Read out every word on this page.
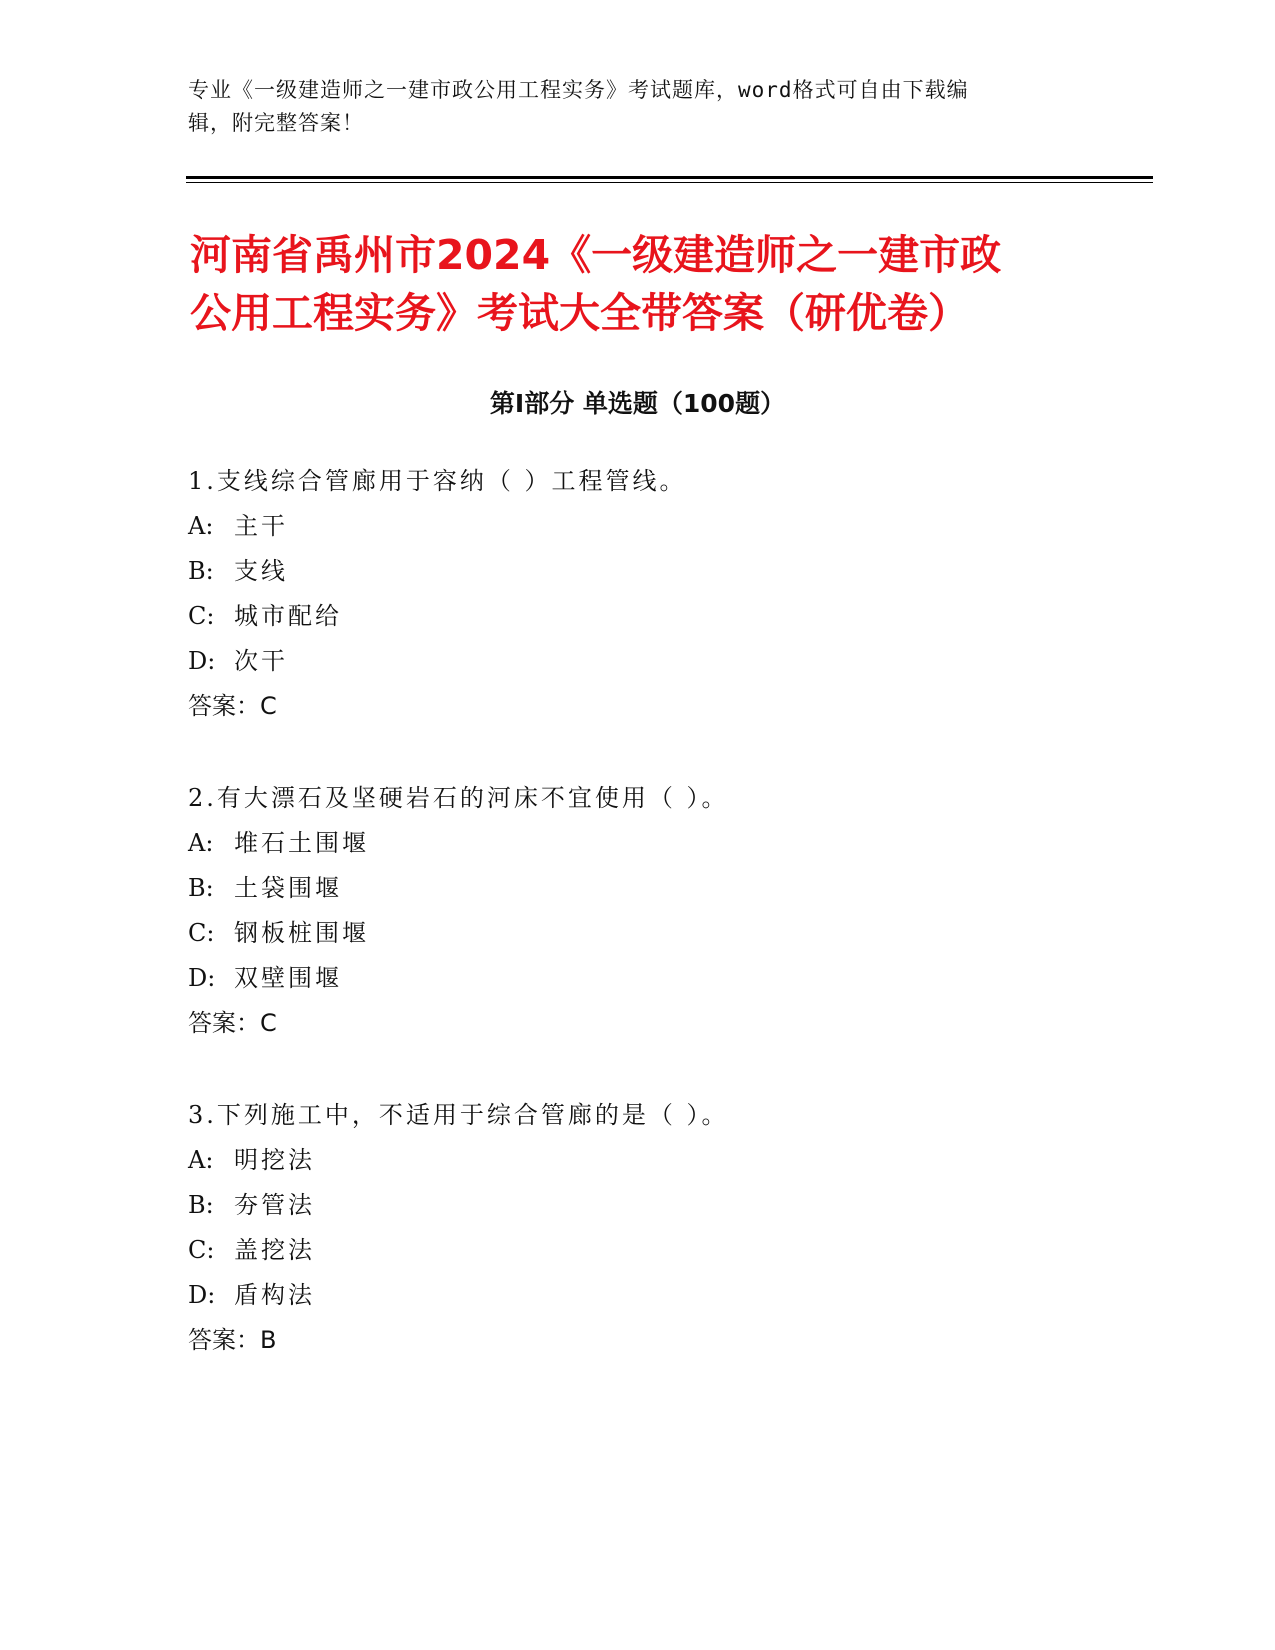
专业《一级建造师之一建市政公用工程实务》考试题库，word格式可自由下载编
辑，附完整答案！
河南省禹州市2024《一级建造师之一建市政
公用工程实务》考试大全带答案（研优卷）
第Ⅰ部分 单选题（100题）
1.支线综合管廊用于容纳（ ）工程管线。
A: 主干
B: 支线
C: 城市配给
D: 次干
答案：C
2.有大漂石及坚硬岩石的河床不宜使用（ ）。
A: 堆石土围堰
B: 土袋围堰
C: 钢板桩围堰
D: 双壁围堰
答案：C
3.下列施工中，不适用于综合管廊的是（ ）。
A: 明挖法
B: 夯管法
C: 盖挖法
D: 盾构法
答案：B
